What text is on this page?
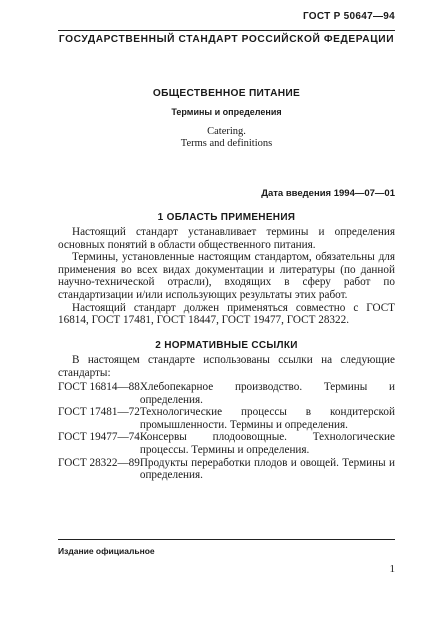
ГОСТ Р 50647—94
ГОСУДАРСТВЕННЫЙ СТАНДАРТ РОССИЙСКОЙ ФЕДЕРАЦИИ
ОБЩЕСТВЕННОЕ ПИТАНИЕ
Термины и определения
Catering.
Terms and definitions
Дата введения 1994—07—01
1 ОБЛАСТЬ ПРИМЕНЕНИЯ

Настоящий стандарт устанавливает термины и определения основных понятий в области общественного питания.

Термины, установленные настоящим стандартом, обязательны для применения во всех видах документации и литературы (по данной научно-технической отрасли), входящих в сферу работ по стандартизации и/или использующих результаты этих работ.

Настоящий стандарт должен применяться совместно с ГОСТ 16814, ГОСТ 17481, ГОСТ 18447, ГОСТ 19477, ГОСТ 28322.

2 НОРМАТИВНЫЕ ССЫЛКИ

В настоящем стандарте использованы ссылки на следующие стандарты:

ГОСТ 16814—88 Хлебопекарное производство. Термины и определения.
ГОСТ 17481—72 Технологические процессы в кондитерской промышленности. Термины и определения.
ГОСТ 19477—74 Консервы плодоовощные. Технологические процессы. Термины и определения.
ГОСТ 28322—89 Продукты переработки плодов и овощей. Термины и определения.
Издание официальное
1
